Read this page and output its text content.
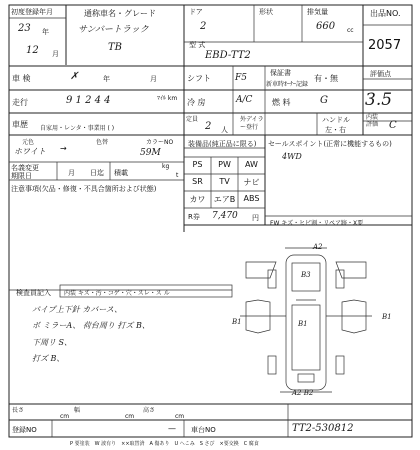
初度登録年月
23 年
12 月
通称車名・グレード
サンバートラック
TB
ドア
2
形状	排気量
660 cc
型 式
EBD-TT2
出品NO.
2057
車 検	✗	年	月	シフト	F5	保証書
新車時ｵｰﾅｰ記録
有・無	評価点
3.5
走行	9 1 2 4 4	ﾏｲﾙ km 冷 房	A/C 燃 料	G
車歴 自家用・レンタ・事業用 ( )
定員
2 人
外デイラー登行
ハンドル
左・右
内装評価 C
元色
ホワイト →
色替	カラーNO
59M
名義変更
期限日	月 日迄 積載
kg
t
注意事項(欠品・修復・不具合箇所および状態)
装備品(純正品に限る)
PS	PW	AW
SR	TV	ナビ
カワ	エアB	ABS
R券 7,470 円
セールスポイント(正常に機能するもの)
4WD
FW キズ・ヒビ割・リペア跡・X要
検査員記入 内装 キズ・汚・コゲ・穴・スレ・ス ル
パイプ上下針 カバース、
ボ ミラーA、 荷台周り 打ズ B、
下周リ S、
打ズ B、
A2
B3
B1	B1
B1
A2 B2
長さ
cm
幅
cm
高さ
cm
登録NO	— 車台NO	TT2-530812
P 要塗装　W 波有り　××取替済　A 傷あり　U へこみ　S さび　×要交換　C 腐食
